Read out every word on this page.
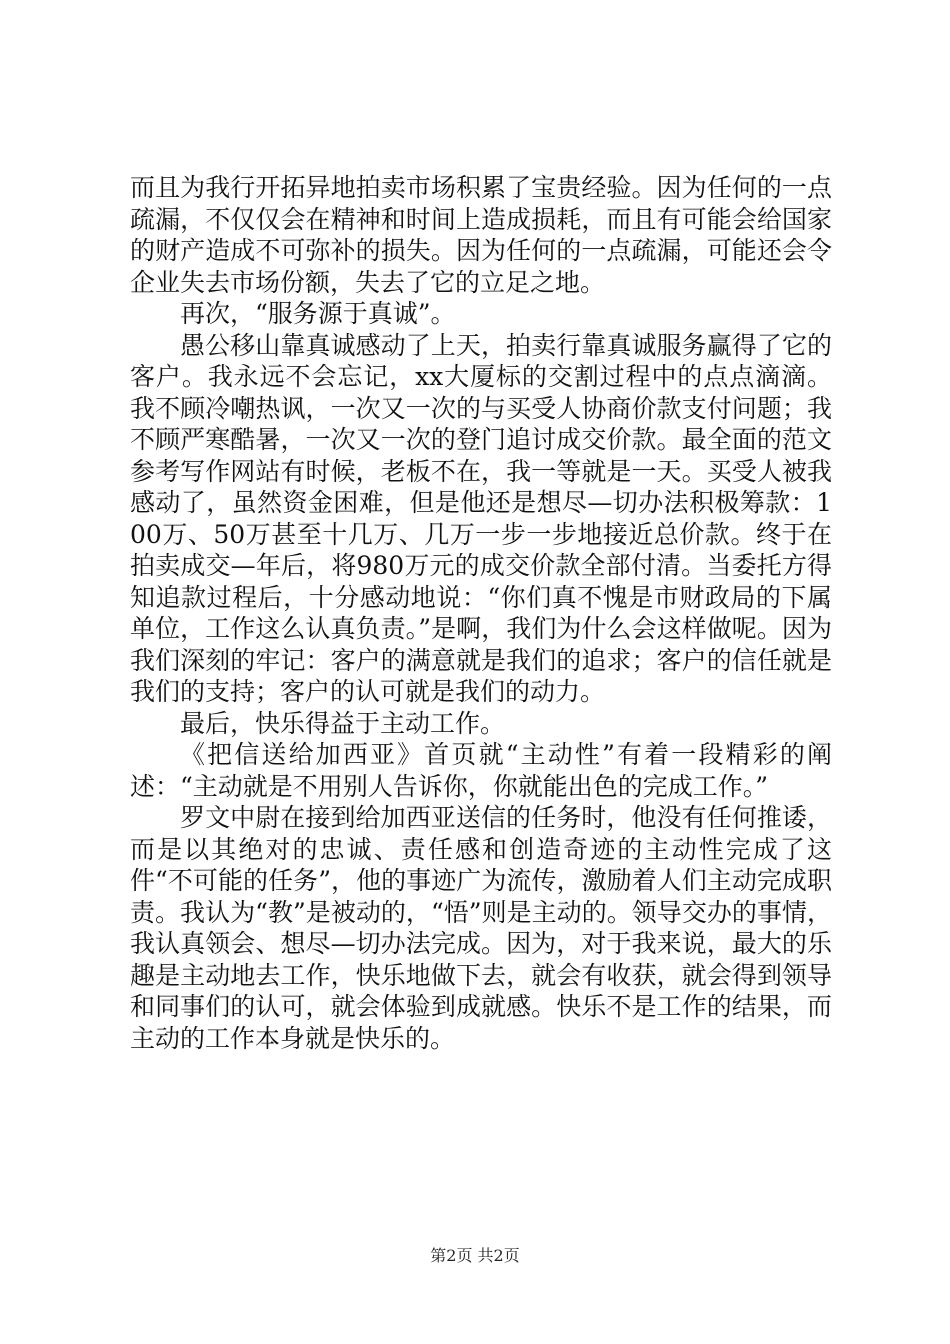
而且为我行开拓异地拍卖市场积累了宝贵经验。因为任何的一点疏漏，不仅仅会在精神和时间上造成损耗，而且有可能会给国家的财产造成不可弥补的损失。因为任何的一点疏漏，可能还会令企业失去市场份额，失去了它的立足之地。

再次，“服务源于真诚”。

愚公移山靠真诚感动了上天，拍卖行靠真诚服务赢得了它的客户。我永远不会忘记，xx大厦标的交割过程中的点点滴滴。我不顾冷嘲热讽，一次又一次的与买受人协商价款支付问题；我不顾严寒酷暑，一次又一次的登门追讨成交价款。最全面的范文参考写作网站有时候，老板不在，我一等就是一天。买受人被我感动了，虽然资金困难，但是他还是想尽—切办法积极筹款：100万、50万甚至十几万、几万一步一步地接近总价款。终于在拍卖成交—年后，将980万元的成交价款全部付清。当委托方得知追款过程后，十分感动地说：“你们真不愧是市财政局的下属单位，工作这么认真负责。”是啊，我们为什么会这样做呢。因为我们深刻的牢记：客户的满意就是我们的追求；客户的信任就是我们的支持；客户的认可就是我们的动力。

最后，快乐得益于主动工作。

《把信送给加西亚》首页就“主动性”有着一段精彩的阐述：“主动就是不用别人告诉你，你就能出色的完成工作。”

罗文中尉在接到给加西亚送信的任务时，他没有任何推诿，而是以其绝对的忠诚、责任感和创造奇迹的主动性完成了这件“不可能的任务”，他的事迹广为流传，激励着人们主动完成职责。我认为“教”是被动的，“悟”则是主动的。领导交办的事情，我认真领会、想尽—切办法完成。因为，对于我来说，最大的乐趣是主动地去工作，快乐地做下去，就会有收获，就会得到领导和同事们的认可，就会体验到成就感。快乐不是工作的结果，而主动的工作本身就是快乐的。

第2页 共2页
